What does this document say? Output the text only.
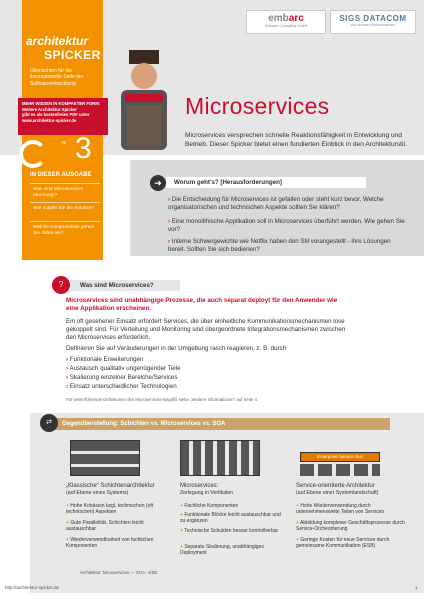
embarc
Software Consulting GmbH
SIGS DATACOM
DIE INFORMATIONSEXPERTEN
architektur
SPICKER
Übersichten für die konzeptionelle Seite der Softwareentwicklung
MEHR WISSEN IN KOMPAKTER FORM:
Weitere Architektur-Spicker
gibt es als kostenfreies PDF unter
www.architektur-spicker.de
Nr. 3
IN DIESER AUSGABE
Was sind Microservices überhaupt?
Wie nutzen Sie die Ansätze?
Welche Kompromisse gehen Sie dabei ein?
Microservices
Microservices versprechen schnelle Reaktionsfähigkeit in Entwicklung und Betrieb. Dieser Spicker bietet einen fundierten Einblick in den Architekturstil.
➜	Worum geht's? [Herausforderungen]
› Die Entscheidung für Microservices ist gefallen oder steht kurz bevor. Welche organisatorischen und technischen Aspekte sollten Sie klären?
› Eine monolithische Applikation soll in Microservices überführt werden. Wie gehen Sie vor?
› Interne Schwergewichte wie Netflix haben den Stil vorangestellt - ihre Lösungen bereit. Sollten Sie sich bedienen?
?	Was sind Microservices?
Microservices sind unabhängige Prozesse, die auch separat deployt für den Anwender wie eine Applikation erscheinen.
Ein oft gesehener Einsatz erfordert Services, die über einheitliche Kommunikationsmechanismen lose gekoppelt sind. Für Verteilung und Monitoring sind übergeordnete Integrationsmechanismen zwischen den Microservices erforderlich.
Definieren Sie auf Veränderungen in der Umgebung rasch reagieren, z. B. durch
› Funktionale Erweiterungen
› Austausch qualitativ ungenügender Teile
› Skalierung einzelner Bereiche/Services
› Einsatz unterschiedlicher Technologien
Für weiterführende Definitionen des Microservices-Begriffs siehe „Weitere Informationen“ auf Seite 4.
Gegenüberstellung: Schichten vs. Microservices vs. SOA
⇄
Enterprise Service Bus
„Klassische“ Schichtenarchitektur
(auf Ebene eines Systems)
+ Hohe Kohäsion bzgl. technischen (oft technischen) Aspekten
+ Gute Parallelität. Schichten leicht austauschbar
+ Wiederverwendbarkeit von fachlichen Komponenten
Microservices:
Zerlegung in Vertikalen
+ Fachliche Komponenten
+ Funktionale Blöcke leicht austauschbar und zu ergänzen
+ Technische Schulden besser kontrollierbar
+ Separate Skalierung, unabhängiges Deployment
Service-orientierte Architektur
(auf Ebene einer Systemlandschaft)
+ Hohe Wiederverwendung durch unternehmensweite Teilen von Services
+ Abbildung komplexer Geschäftsprozesse durch Service-Orchestrierung
+ Geringe Kosten für neue Services durch gemeinsame Kommunikation (ESB)
Architektur: Microservices — SOA - ESB
http://architektur-spicker.de	1
